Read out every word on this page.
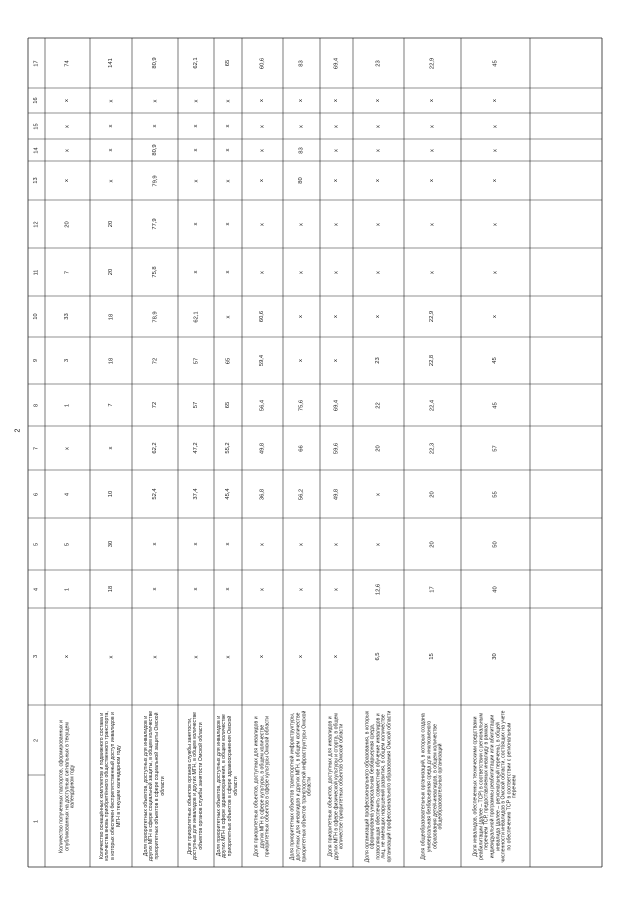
2
17
16
15
14
13
12
11
10
9
8
7
6
5
4
3
2
1	Количество полученных паспортов, сформированных и опубликованных на доступных сигнальных в текущем календарном году
х
1
5
4
х
1
3
33
7
20
х
х
х
х
74
Количество оснащённых комплектов и подвижного состава и количества вновь приобретённого общественного транспорта, в которых обеспечен беспрепятственный доступ инвалидов и МГН в текущем календарном году
х
18
30
10
х
7
18
18
20
20
х
х
х
х
141
Доля приоритетных объектов, доступных для инвалидов и других МГН в сфере социальной защиты, в общем количестве приоритетных объектов в сфере социальной защиты Омской области
х
х
х
52,4
62,2
72
72
78,9
75,8
77,9
79,9
80,9
х
х
80,9
Доля приоритетных объектов органов службы занятости, доступных для инвалидов и других МГН, в общем количестве объектов органов службы занятости Омской области
х
х
х
37,4
47,2
57
57
62,1
х
х
х
х
х
х
62,1
Доля приоритетных объектов, доступных для инвалидов и других МГН в сфере здравоохранения, в общем количестве приоритетных объектов в сфере здравоохранения Омской области
х
х
х
45,4
55,2
65
65
х
х
х
х
х
х
х
65
Доля приоритетных объектов, доступных для инвалидов и других МГН в сфере культуры, в общем количестве приоритетных объектов в сфере культуры Омской области
х
х
х
36,8
49,8
56,4
59,4
60,6
х
х
х
х
х
х
60,6
Доля приоритетных объектов транспортной инфраструктуры, доступных для инвалидов и других МГН, в общем количестве приоритетных объектов транспортной инфраструктуры Омской области
х
х
х
56,2
66
75,6
х
х
х
х
80
83
х
х
83
Доля приоритетных объектов, доступных для инвалидов и других МГН в сфере физической культуры и спорта, в общем количестве приоритетных объектов Омской области
х
х
х
49,8
59,6
69,4
х
х
х
х
х
х
х
х
69,4
Доля организаций профессионального образования, в которых сформирована универсальная безбарьерная среда, позволяющая обеспечить совместное обучение инвалидов и лиц, не имеющих нарушений развития, в общем количестве организаций профессионального образования Омской области
6,5
12,6
х
х
20
22
23
х
х
х
х
х
х
х
23
Доля общеобразовательных организаций, в которых создана универсальная безбарьерная среда для инклюзивного образования детей-инвалидов, в общем количестве общеобразовательных организаций
15
17
20
20
22,3
22,4
22,8
22,9
х
х
х
х
х
х
22,9
Доля инвалидов, обеспеченных техническими средствами реабилитации (далее – ТСР) в соответствии с региональным перечнем ТСР, предоставляемых инвалиду в рамках индивидуальной программы реабилитации или абилитации инвалида (далее – региональный перечень), в общей численности инвалидов в Омской области, состоящих на учете по обеспечению ТСР в соответствии с региональным перечнем
30
40
50
55
57
45
45
х
х
х
х
х
х
х
45
